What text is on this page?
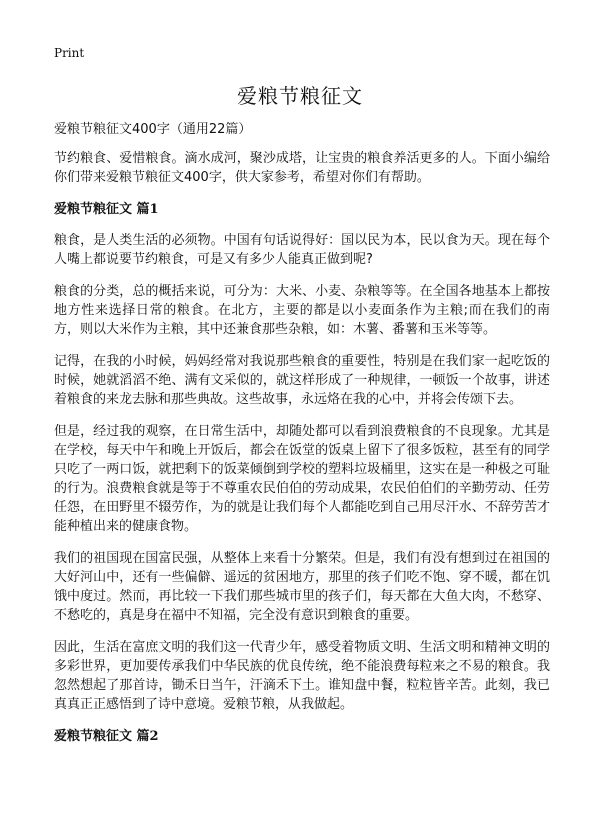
Print
爱粮节粮征文

爱粮节粮征文400字（通用22篇）

节约粮食、爱惜粮食。滴水成河，聚沙成塔，让宝贵的粮食养活更多的人。下面小编给你们带来爱粮节粮征文400字，供大家参考，希望对你们有帮助。

爱粮节粮征文 篇1

粮食，是人类生活的必须物。中国有句话说得好：国以民为本，民以食为天。现在每个人嘴上都说要节约粮食，可是又有多少人能真正做到呢?

粮食的分类，总的概括来说，可分为：大米、小麦、杂粮等等。在全国各地基本上都按地方性来选择日常的粮食。在北方，主要的都是以小麦面条作为主粮;而在我们的南方，则以大米作为主粮，其中还兼食那些杂粮，如：木薯、番薯和玉米等等。

记得，在我的小时候，妈妈经常对我说那些粮食的重要性，特别是在我们家一起吃饭的时候，她就滔滔不绝、满有文采似的，就这样形成了一种规律，一顿饭一个故事，讲述着粮食的来龙去脉和那些典故。这些故事，永远烙在我的心中，并将会传颂下去。

但是，经过我的观察，在日常生活中，却随处都可以看到浪费粮食的不良现象。尤其是在学校，每天中午和晚上开饭后，都会在饭堂的饭桌上留下了很多饭粒，甚至有的同学只吃了一两口饭，就把剩下的饭菜倾倒到学校的塑料垃圾桶里，这实在是一种极之可耻的行为。浪费粮食就是等于不尊重农民伯伯的劳动成果，农民伯伯们的辛勤劳动、任劳任怨，在田野里不辍劳作，为的就是让我们每个人都能吃到自己用尽汗水、不辞劳苦才能种植出来的健康食物。

我们的祖国现在国富民强，从整体上来看十分繁荣。但是，我们有没有想到过在祖国的大好河山中，还有一些偏僻、遥远的贫困地方，那里的孩子们吃不饱、穿不暖，都在饥饿中度过。然而，再比较一下我们那些城市里的孩子们，每天都在大鱼大肉，不愁穿、不愁吃的，真是身在福中不知福，完全没有意识到粮食的重要。

因此，生活在富庶文明的我们这一代青少年，感受着物质文明、生活文明和精神文明的多彩世界，更加要传承我们中华民族的优良传统，绝不能浪费每粒来之不易的粮食。我忽然想起了那首诗，锄禾日当午，汗滴禾下土。谁知盘中餐，粒粒皆辛苦。此刻，我已真真正正感悟到了诗中意境。爱粮节粮，从我做起。

爱粮节粮征文 篇2
